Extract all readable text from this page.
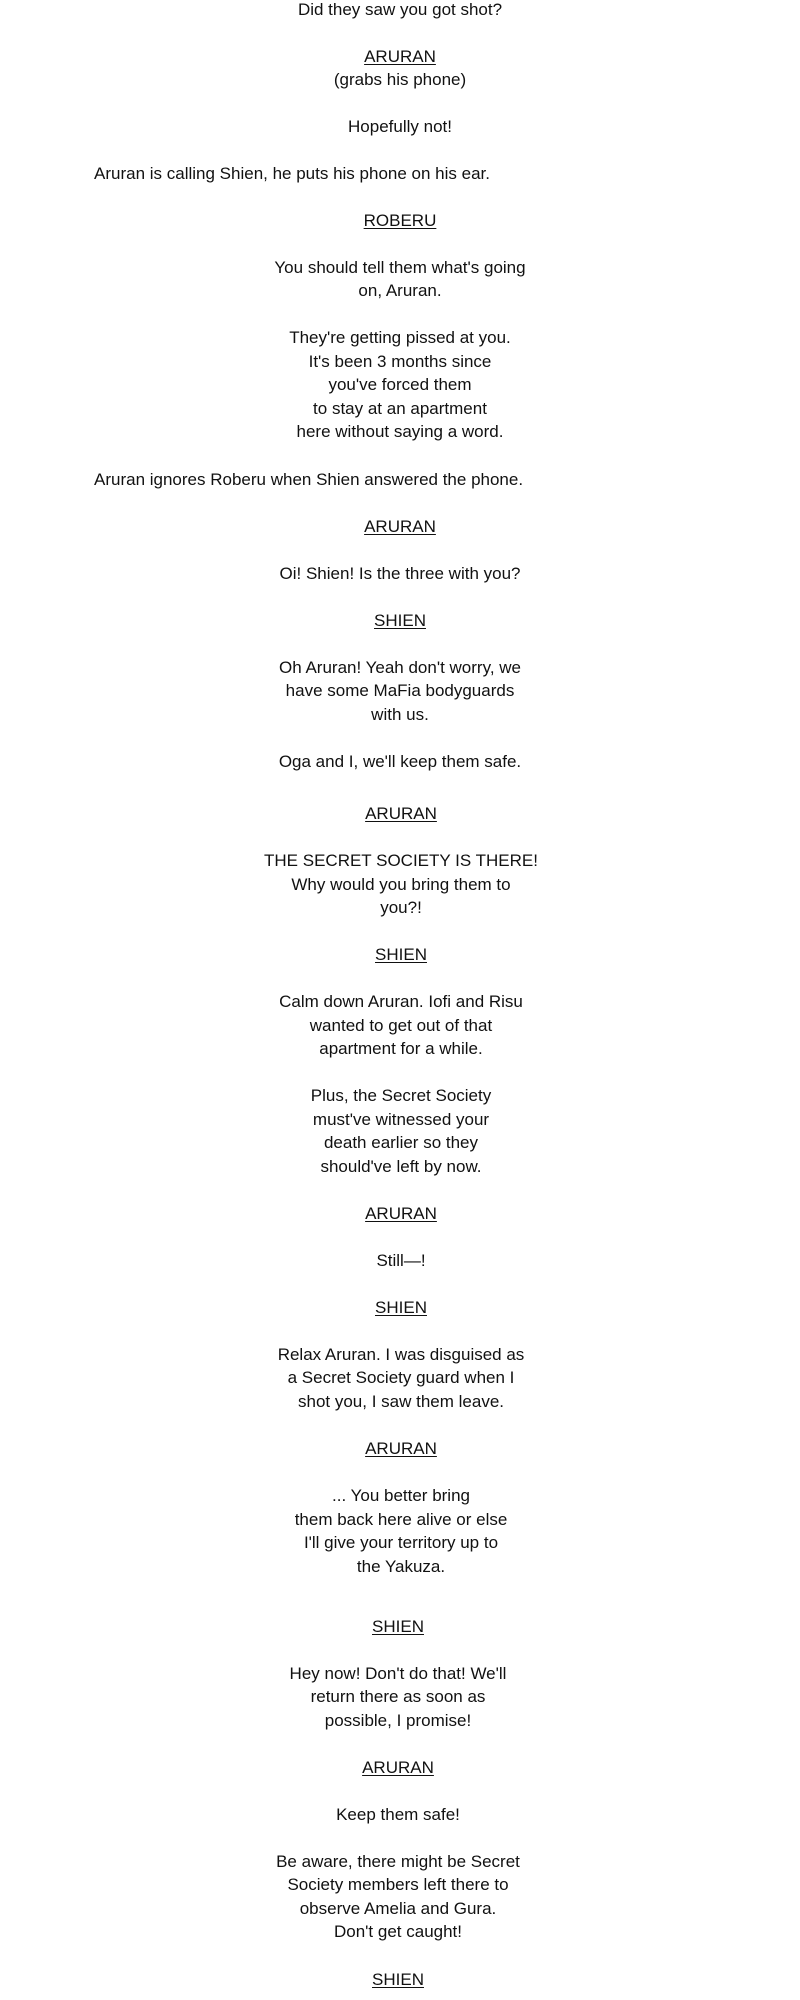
Did they saw you got shot?
ARURAN
(grabs his phone)
Hopefully not!
Aruran is calling Shien, he puts his phone on his ear.
ROBERU
You should tell them what's going
on, Aruran.
They're getting pissed at you.
It's been 3 months since
you've forced them
to stay at an apartment
here without saying a word.
Aruran ignores Roberu when Shien answered the phone.
ARURAN
Oi! Shien! Is the three with you?
SHIEN
Oh Aruran! Yeah don't worry, we
have some MaFia bodyguards
with us.
Oga and I, we'll keep them safe.
ARURAN
THE SECRET SOCIETY IS THERE!
Why would you bring them to
you?!
SHIEN
Calm down Aruran. Iofi and Risu
wanted to get out of that
apartment for a while.
Plus, the Secret Society
must've witnessed your
death earlier so they
should've left by now.
ARURAN
Still—!
SHIEN
Relax Aruran. I was disguised as
a Secret Society guard when I
shot you, I saw them leave.
ARURAN
... You better bring
them back here alive or else
I'll give your territory up to
the Yakuza.
SHIEN
Hey now! Don't do that! We'll
return there as soon as
possible, I promise!
ARURAN
Keep them safe!
Be aware, there might be Secret
Society members left there to
observe Amelia and Gura.
Don't get caught!
SHIEN
